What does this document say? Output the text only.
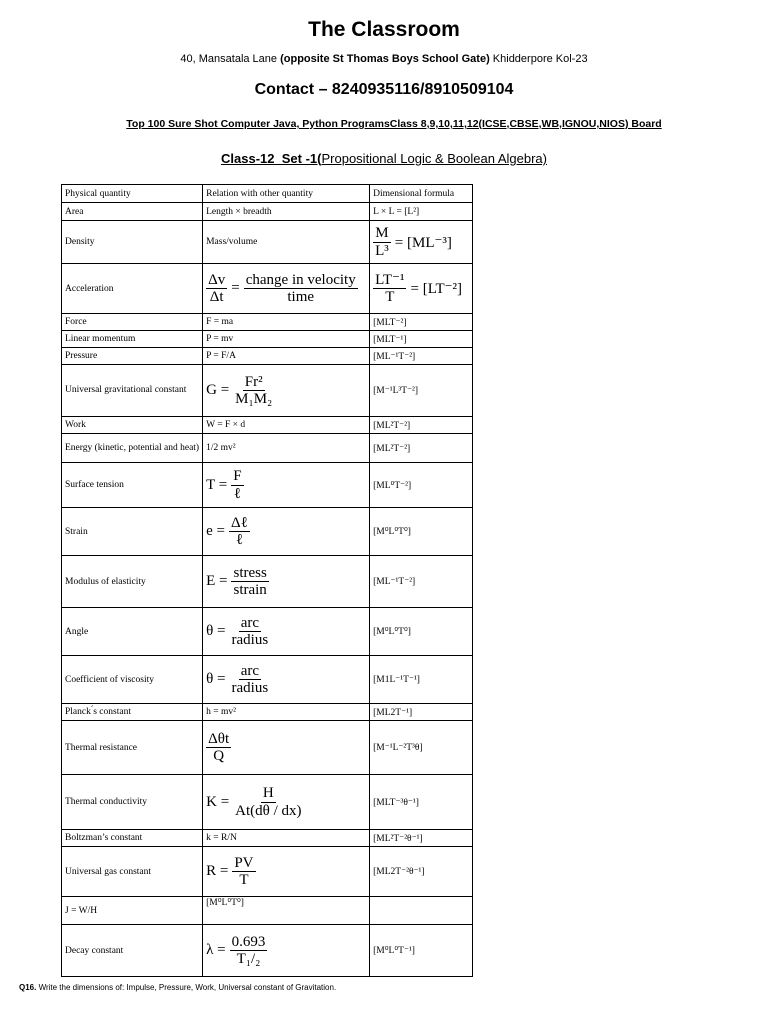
The Classroom
40, Mansatala Lane (opposite St Thomas Boys School Gate) Khidderpore Kol-23
Contact – 8240935116/8910509104
Top 100 Sure Shot Computer Java, Python ProgramsClass 8,9,10,11,12(ICSE,CBSE,WB,IGNOU,NIOS) Board
Class-12_Set -1(Propositional Logic & Boolean Algebra)
Physical quantity	Relation with other quantity	Dimensional formula
Area	Length × breadth	L × L = [L²]
Density	Mass/volume	$\frac{M}{\text{L³}} = [ML^{-3}]$

Acceleration	$\frac{\Delta v}{\Delta t} = \frac{\text{change in velocity}}{\text{time}}$	$\frac{\text{LT⁻¹}}{T} = [LT^{-2}]$

Force	F = ma	[MLT⁻²]
Linear momentum	P = mv	[MLT⁻¹]
Pressure	P = F/A	[ML⁻¹T⁻²]
Universal gravitational constant	$G = \frac{\text{Fr²}}{\text{M₁M₂}}$	[M⁻¹L³T⁻²]
Work	W = F × d	[ML²T⁻²]
Energy (kinetic, potential and heat)	1/2 mv²	[ML²T⁻²]
Surface tension	$T = \frac{F}{\text{ℓ}}$	[ML⁰T⁻²]
Strain	$e = \frac{\text{Δℓ}}{\text{ℓ}}$	[M⁰L⁰T⁰]
Modulus of elasticity	$E = \frac{\text{stress}}{\text{strain}}$	[ML⁻¹T⁻²]
Angle	$\theta = \frac{\text{arc}}{\text{radius}}$	[M⁰L⁰T⁰]
Coefficient of viscosity	$\theta = \frac{\text{arc}}{\text{radius}}$	[M1L⁻¹T⁻¹]
Planck ́s constant	h = mv²	[ML2T⁻¹]
Thermal resistance	$\frac{\text{Δθt}}{Q}$	[M⁻¹L⁻²T³θ]
Thermal conductivity	$K = \frac{H}{At(d\theta / dx)}$	[MLT⁻³θ⁻¹]
Boltzman’s constant	k = R/N	[ML²T⁻²θ⁻¹]
Universal gas constant	$R = \frac{PV}{T}$	[ML2T⁻²θ⁻¹]
J = W/H	[M⁰L⁰T⁰]	
Decay constant	$\lambda = \frac{0.693}{\text{T₁/₂}}$	[M⁰L⁰T⁻¹]
Q16. Write the dimensions of: Impulse, Pressure, Work, Universal constant of Gravitation.
